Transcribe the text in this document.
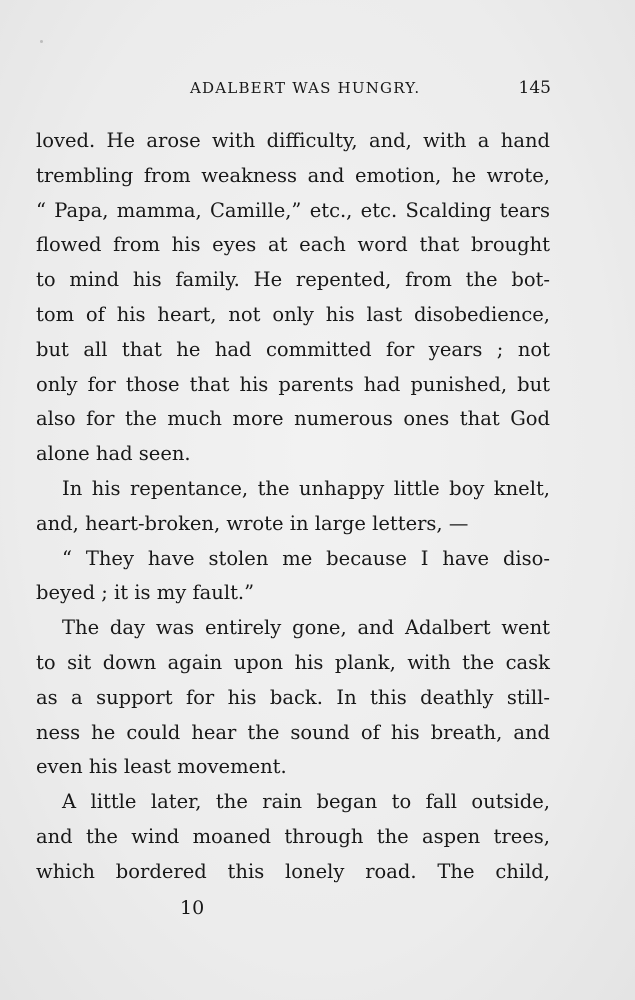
ADALBERT WAS HUNGRY.	145
loved. He arose with difficulty, and, with a hand
trembling from weakness and emotion, he wrote,
“ Papa, mamma, Camille,” etc., etc. Scalding tears
flowed from his eyes at each word that brought
to mind his family. He repented, from the bot-
tom of his heart, not only his last disobedience,
but all that he had committed for years ; not
only for those that his parents had punished, but
also for the much more numerous ones that God
alone had seen.
In his repentance, the unhappy little boy knelt,
and, heart-broken, wrote in large letters, —
“ They have stolen me because I have diso-
beyed ; it is my fault.”
The day was entirely gone, and Adalbert went
to sit down again upon his plank, with the cask
as a support for his back. In this deathly still-
ness he could hear the sound of his breath, and
even his least movement.
A little later, the rain began to fall outside,
and the wind moaned through the aspen trees,
which bordered this lonely road. The child,
10
